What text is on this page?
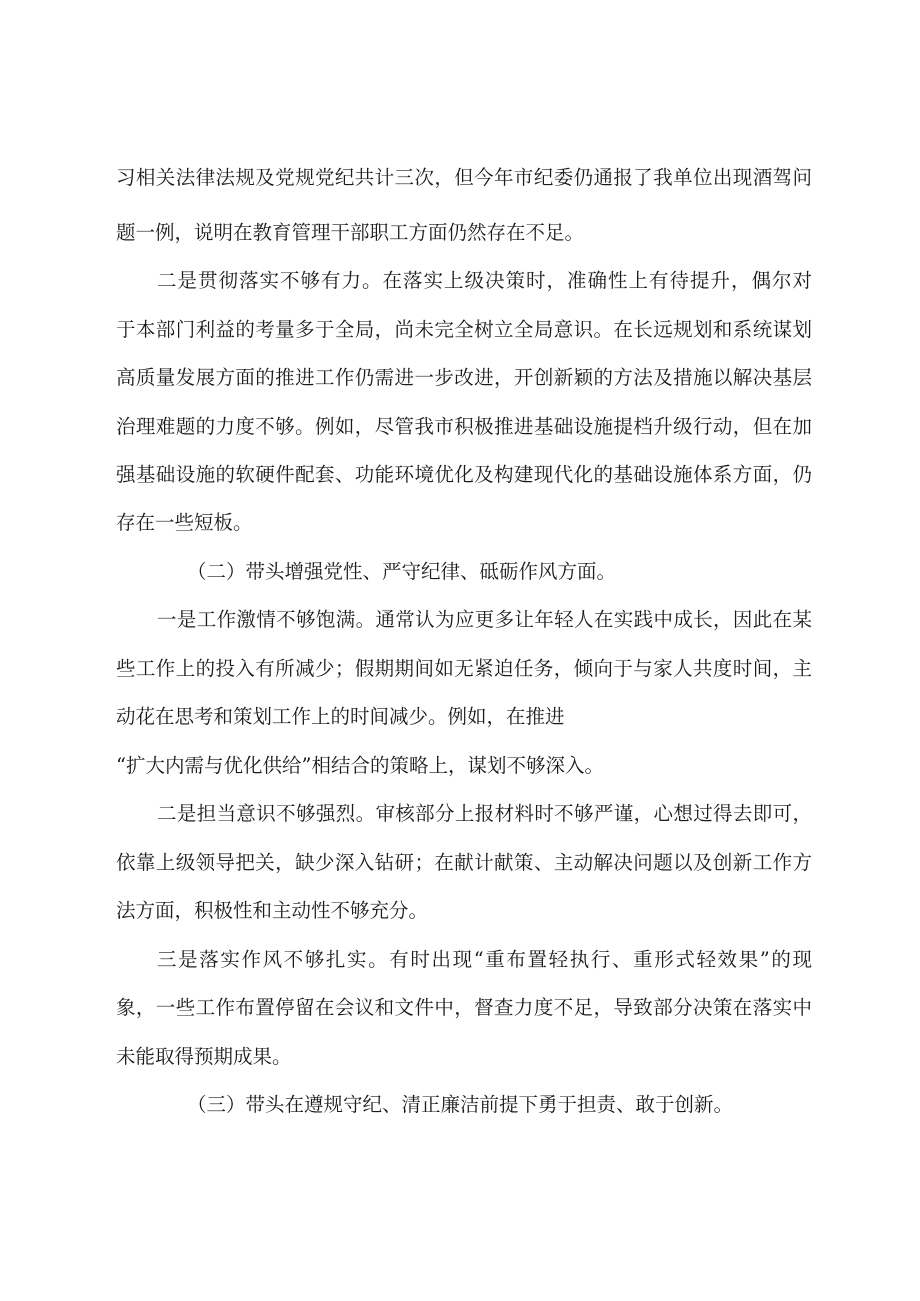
习相关法律法规及党规党纪共计三次，但今年市纪委仍通报了我单位出现酒驾问
题一例，说明在教育管理干部职工方面仍然存在不足。
二是贯彻落实不够有力。在落实上级决策时，准确性上有待提升，偶尔对
于本部门利益的考量多于全局，尚未完全树立全局意识。在长远规划和系统谋划
高质量发展方面的推进工作仍需进一步改进，开创新颖的方法及措施以解决基层
治理难题的力度不够。例如，尽管我市积极推进基础设施提档升级行动，但在加
强基础设施的软硬件配套、功能环境优化及构建现代化的基础设施体系方面，仍
存在一些短板。
（二）带头增强党性、严守纪律、砥砺作风方面。
一是工作激情不够饱满。通常认为应更多让年轻人在实践中成长，因此在某
些工作上的投入有所减少；假期期间如无紧迫任务，倾向于与家人共度时间，主
动花在思考和策划工作上的时间减少。例如，在推进
“扩大内需与优化供给”相结合的策略上，谋划不够深入。
二是担当意识不够强烈。审核部分上报材料时不够严谨，心想过得去即可，
依靠上级领导把关，缺少深入钻研；在献计献策、主动解决问题以及创新工作方
法方面，积极性和主动性不够充分。
三是落实作风不够扎实。有时出现“重布置轻执行、重形式轻效果”的现
象，一些工作布置停留在会议和文件中，督查力度不足，导致部分决策在落实中
未能取得预期成果。
（三）带头在遵规守纪、清正廉洁前提下勇于担责、敢于创新。
